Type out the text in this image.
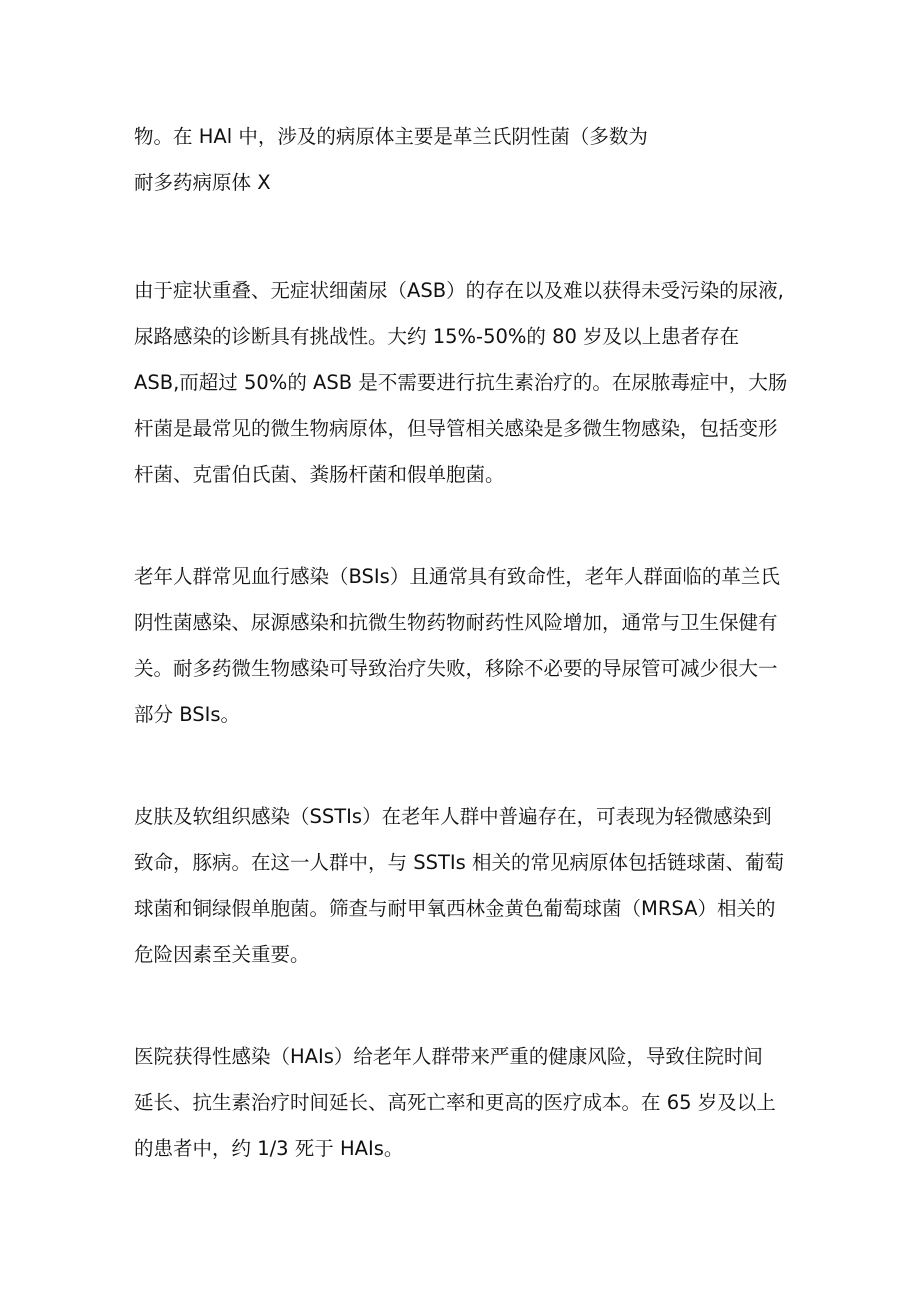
物。在 HAl 中，涉及的病原体主要是革兰氏阴性菌（多数为
耐多药病原体 X

由于症状重叠、无症状细菌尿（ASB）的存在以及难以获得未受污染的尿液,
尿路感染的诊断具有挑战性。大约 15%-50%的 80 岁及以上患者存在
ASB,而超过 50%的 ASB 是不需要进行抗生素治疗的。在尿脓毒症中，大肠
杆菌是最常见的微生物病原体，但导管相关感染是多微生物感染，包括变形
杆菌、克雷伯氏菌、粪肠杆菌和假单胞菌。

老年人群常见血行感染（BSIs）且通常具有致命性，老年人群面临的革兰氏
阴性菌感染、尿源感染和抗微生物药物耐药性风险增加，通常与卫生保健有
关。耐多药微生物感染可导致治疗失败，移除不必要的导尿管可减少很大一
部分 BSIs。

皮肤及软组织感染（SSTIs）在老年人群中普遍存在，可表现为轻微感染到
致命，豚病。在这一人群中，与 SSTIs 相关的常见病原体包括链球菌、葡萄
球菌和铜绿假单胞菌。筛查与耐甲氧西林金黄色葡萄球菌（MRSA）相关的
危险因素至关重要。

医院获得性感染（HAIs）给老年人群带来严重的健康风险，导致住院时间
延长、抗生素治疗时间延长、高死亡率和更高的医疗成本。在 65 岁及以上
的患者中，约 1/3 死于 HAIs。
